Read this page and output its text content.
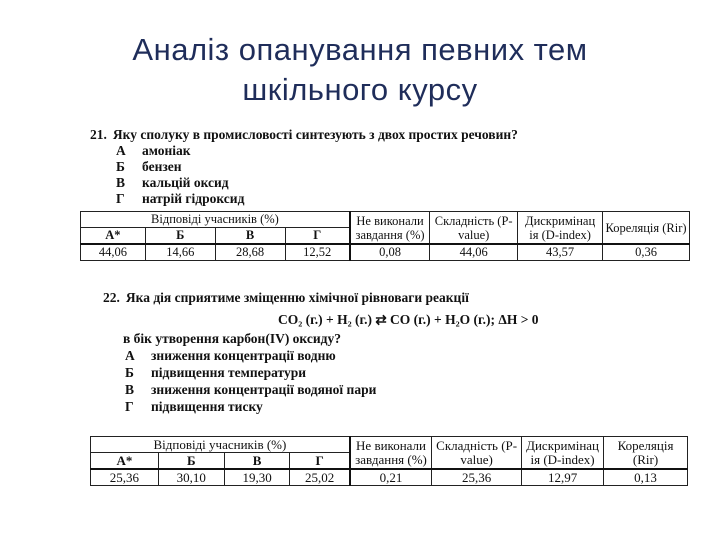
Аналіз опанування певних тем
шкільного курсу
21. Яку сполуку в промисловості синтезують з двох простих речовин?
А	амоніак
Б	бензен
В	кальцій оксид
Г	натрій гідроксид
Відповіді учасників (%)				Не виконали завдання (%)	Складність (P-value)	Дискримінац ія (D-index)	Кореляція (Rir)
А*	Б	В	Г				
44,06	14,66	28,68	12,52	0,08	44,06	43,57	0,36
22. Яка дія сприятиме зміщенню хімічної рівноваги реакції
CO₂ (г.) + H₂ (г.) ⇄ CO (г.) + H₂O (г.); ΔH > 0
в бік утворення карбон(IV) оксиду?
А	зниження концентрації водню
Б	підвищення температури
В	зниження концентрації водяної пари
Г	підвищення тиску
Відповіді учасників (%)				Не виконали завдання (%)	Складність (P-value)	Дискримінац ія (D-index)	Кореляція (Rir)
А*	Б	В	Г				
25,36	30,10	19,30	25,02	0,21	25,36	12,97	0,13
